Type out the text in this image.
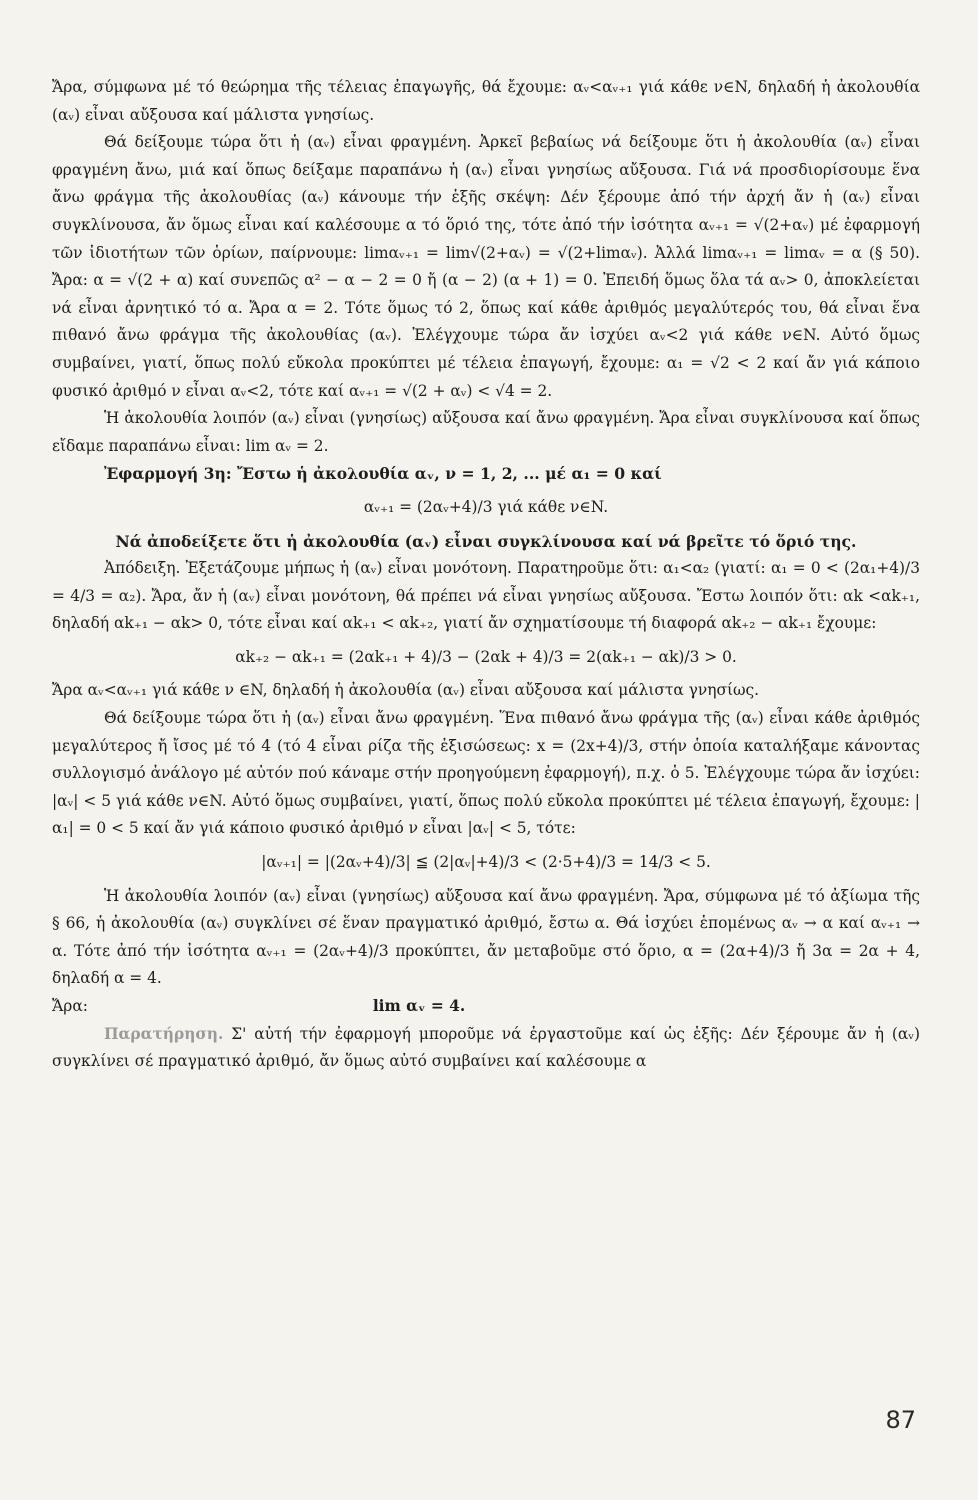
Ἄρα, σύμφωνα μέ τό θεώρημα τῆς τέλειας ἐπαγωγῆς, θά ἔχουμε: αᵥ<αᵥ₊₁ γιά κάθε ν∈N, δηλαδή ἡ ἀκολουθία (αᵥ) εἶναι αὔξουσα καί μάλιστα γνησίως.

Θά δείξουμε τώρα ὅτι ἡ (αᵥ) εἶναι φραγμένη. Ἀρκεῖ βεβαίως νά δείξουμε ὅτι ἡ ἀκολουθία (αᵥ) εἶναι φραγμένη ἄνω, μιά καί ὅπως δείξαμε παραπάνω ἡ (αᵥ) εἶναι γνησίως αὔξουσα. Γιά νά προσδιορίσουμε ἕνα ἄνω φράγμα τῆς ἀκολουθίας (αᵥ) κάνουμε τήν ἑξῆς σκέψη: Δέν ξέρουμε ἀπό τήν ἀρχή ἄν ἡ (αᵥ) εἶναι συγκλίνουσα, ἄν ὅμως εἶναι καί καλέσουμε α τό ὅριό της, τότε ἀπό τήν ἰσότητα αᵥ₊₁ = √(2+αᵥ) μέ ἐφαρμογή τῶν ἰδιοτήτων τῶν ὁρίων, παίρνουμε: limαᵥ₊₁ = lim√(2+αᵥ) = √(2+limαᵥ). Ἀλλά limαᵥ₊₁ = limαᵥ = α (§ 50). Ἄρα: α = √(2 + α) καί συνεπῶς α² − α − 2 = 0 ἤ (α − 2) (α + 1) = 0. Ἐπειδή ὅμως ὅλα τά αᵥ> 0, ἀποκλείεται νά εἶναι ἀρνητικό τό α. Ἄρα α = 2. Τότε ὅμως τό 2, ὅπως καί κάθε ἀριθμός μεγαλύτερός του, θά εἶναι ἕνα πιθανό ἄνω φράγμα τῆς ἀκολουθίας (αᵥ). Ἐλέγχουμε τώρα ἄν ἰσχύει αᵥ<2 γιά κάθε ν∈N. Αὐτό ὅμως συμβαίνει, γιατί, ὅπως πολύ εὔκολα προκύπτει μέ τέλεια ἐπαγωγή, ἔχουμε: α₁ = √2 < 2 καί ἄν γιά κάποιο φυσικό ἀριθμό ν εἶναι αᵥ<2, τότε καί αᵥ₊₁ = √(2 + αᵥ) < √4 = 2.

Ἡ ἀκολουθία λοιπόν (αᵥ) εἶναι (γνησίως) αὔξουσα καί ἄνω φραγμένη. Ἄρα εἶναι συγκλίνουσα καί ὅπως εἴδαμε παραπάνω εἶναι: lim αᵥ = 2.

Ἐφαρμογή 3η: Ἔστω ἡ ἀκολουθία αᵥ, ν = 1, 2, ... μέ α₁ = 0 καί

αᵥ₊₁ = (2αᵥ+4)/3 γιά κάθε ν∈N.

Νά ἀποδείξετε ὅτι ἡ ἀκολουθία (αᵥ) εἶναι συγκλίνουσα καί νά βρεῖτε τό ὅριό της.

Ἀπόδειξη. Ἐξετάζουμε μήπως ἡ (αᵥ) εἶναι μονότονη. Παρατηροῦμε ὅτι: α₁<α₂ (γιατί: α₁ = 0 < (2α₁+4)/3 = 4/3 = α₂). Ἄρα, ἄν ἡ (αᵥ) εἶναι μονότονη, θά πρέπει νά εἶναι γνησίως αὔξουσα. Ἔστω λοιπόν ὅτι: αk <αk₊₁, δηλαδή αk₊₁ − αk> 0, τότε εἶναι καί αk₊₁ < αk₊₂, γιατί ἄν σχηματίσουμε τή διαφορά αk₊₂ − αk₊₁ ἔχουμε:

αk₊₂ − αk₊₁ = (2αk₊₁ + 4)/3 − (2αk + 4)/3 = 2(αk₊₁ − αk)/3 > 0.

Ἄρα αᵥ<αᵥ₊₁ γιά κάθε ν ∈N, δηλαδή ἡ ἀκολουθία (αᵥ) εἶναι αὔξουσα καί μάλιστα γνησίως.

Θά δείξουμε τώρα ὅτι ἡ (αᵥ) εἶναι ἄνω φραγμένη. Ἕνα πιθανό ἄνω φράγμα τῆς (αᵥ) εἶναι κάθε ἀριθμός μεγαλύτερος ἤ ἴσος μέ τό 4 (τό 4 εἶναι ρίζα τῆς ἐξισώσεως: x = (2x+4)/3, στήν ὁποία καταλήξαμε κάνοντας συλλογισμό ἀνάλογο μέ αὐτόν πού κάναμε στήν προηγούμενη ἐφαρμογή), π.χ. ὁ 5. Ἐλέγχουμε τώρα ἄν ἰσχύει: |αᵥ| < 5 γιά κάθε ν∈N. Αὐτό ὅμως συμβαίνει, γιατί, ὅπως πολύ εὔκολα προκύπτει μέ τέλεια ἐπαγωγή, ἔχουμε: |α₁| = 0 < 5 καί ἄν γιά κάποιο φυσικό ἀριθμό ν εἶναι |αᵥ| < 5, τότε:

|αᵥ₊₁| = |(2αᵥ+4)/3| ≦ (2|αᵥ|+4)/3 < (2·5+4)/3 = 14/3 < 5.

Ἡ ἀκολουθία λοιπόν (αᵥ) εἶναι (γνησίως) αὔξουσα καί ἄνω φραγμένη. Ἄρα, σύμφωνα μέ τό ἀξίωμα τῆς § 66, ἡ ἀκολουθία (αᵥ) συγκλίνει σέ ἕναν πραγματικό ἀριθμό, ἔστω α. Θά ἰσχύει ἑπομένως αᵥ → α καί αᵥ₊₁ → α. Τότε ἀπό τήν ἰσότητα αᵥ₊₁ = (2αᵥ+4)/3 προκύπτει, ἄν μεταβοῦμε στό ὅριο, α = (2α+4)/3 ἤ 3α = 2α + 4, δηλαδή α = 4.

Ἄρα:	lim αᵥ = 4.

Παρατήρηση. Σ' αὐτή τήν ἐφαρμογή μποροῦμε νά ἐργαστοῦμε καί ὡς ἑξῆς: Δέν ξέρουμε ἄν ἡ (αᵥ) συγκλίνει σέ πραγματικό ἀριθμό, ἄν ὅμως αὐτό συμβαίνει καί καλέσουμε α

87
